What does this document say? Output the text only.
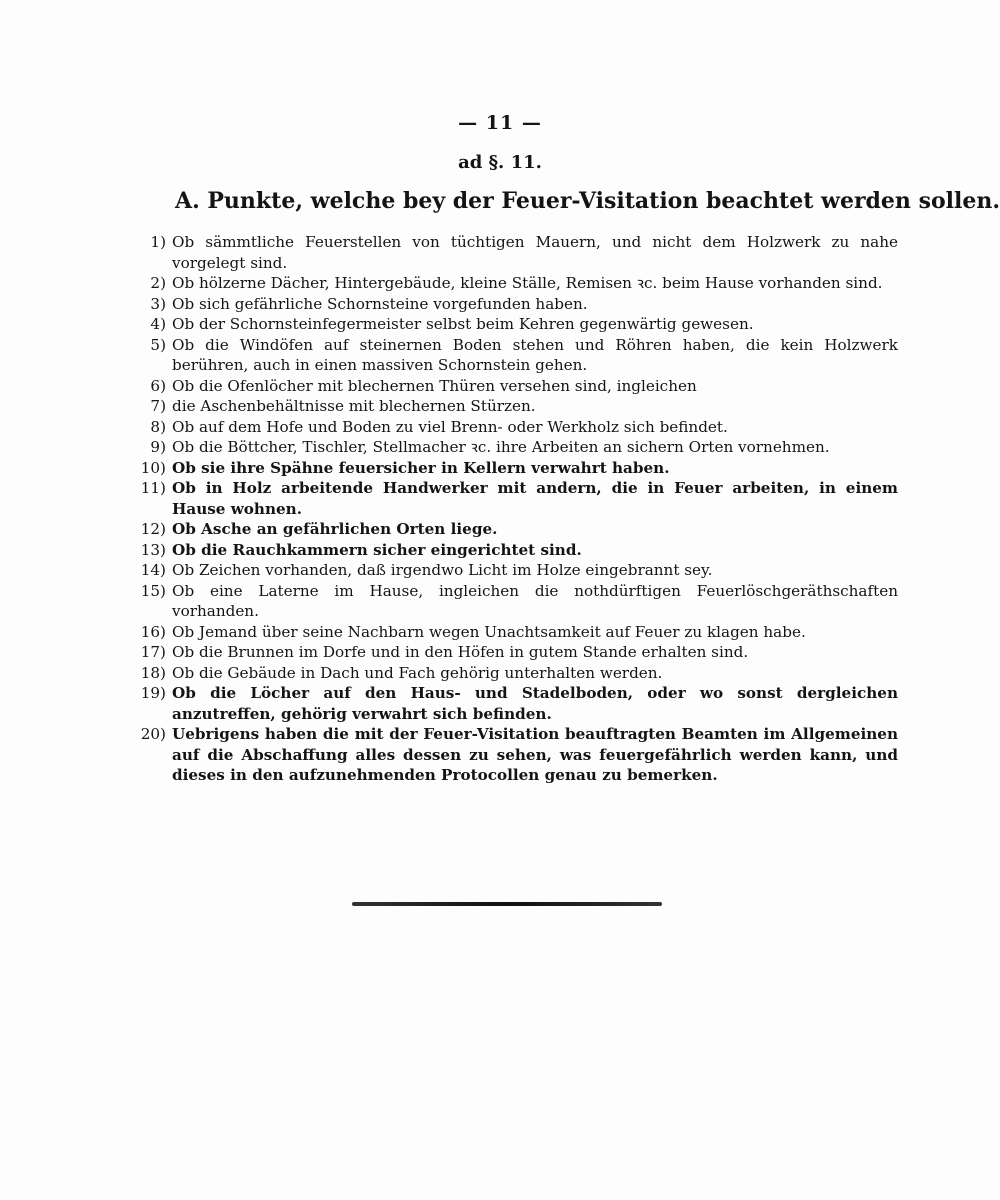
— 11 —
ad §. 11.
A. Punkte, welche bey der Feuer-Visitation beachtet werden sollen.
1) Ob sämmtliche Feuerstellen von tüchtigen Mauern, und nicht dem Holzwerk zu nahe vorgelegt sind.
2) Ob hölzerne Dächer, Hintergebäude, kleine Ställe, Remisen ꝛc. beim Hause vorhanden sind.
3) Ob sich gefährliche Schornsteine vorgefunden haben.
4) Ob der Schornsteinfegermeister selbst beim Kehren gegenwärtig gewesen.
5) Ob die Windöfen auf steinernen Boden stehen und Röhren haben, die kein Holzwerk berühren, auch in einen massiven Schornstein gehen.
6) Ob die Ofenlöcher mit blechernen Thüren versehen sind, ingleichen
7) die Aschenbehältnisse mit blechernen Stürzen.
8) Ob auf dem Hofe und Boden zu viel Brenn- oder Werkholz sich befindet.
9) Ob die Böttcher, Tischler, Stellmacher ꝛc. ihre Arbeiten an sichern Orten vornehmen.
10) Ob sie ihre Spähne feuersicher in Kellern verwahrt haben.
11) Ob in Holz arbeitende Handwerker mit andern, die in Feuer arbeiten, in einem Hause wohnen.
12) Ob Asche an gefährlichen Orten liege.
13) Ob die Rauchkammern sicher eingerichtet sind.
14) Ob Zeichen vorhanden, daß irgendwo Licht im Holze eingebrannt sey.
15) Ob eine Laterne im Hause, ingleichen die nothdürftigen Feuerlöschgeräthschaften vorhanden.
16) Ob Jemand über seine Nachbarn wegen Unachtsamkeit auf Feuer zu klagen habe.
17) Ob die Brunnen im Dorfe und in den Höfen in gutem Stande erhalten sind.
18) Ob die Gebäude in Dach und Fach gehörig unterhalten werden.
19) Ob die Löcher auf den Haus- und Stadelboden, oder wo sonst dergleichen anzutreffen, gehörig verwahrt sich befinden.
20) Uebrigens haben die mit der Feuer-Visitation beauftragten Beamten im Allgemeinen auf die Abschaffung alles dessen zu sehen, was feuergefährlich werden kann, und dieses in den aufzunehmenden Protocollen genau zu bemerken.
